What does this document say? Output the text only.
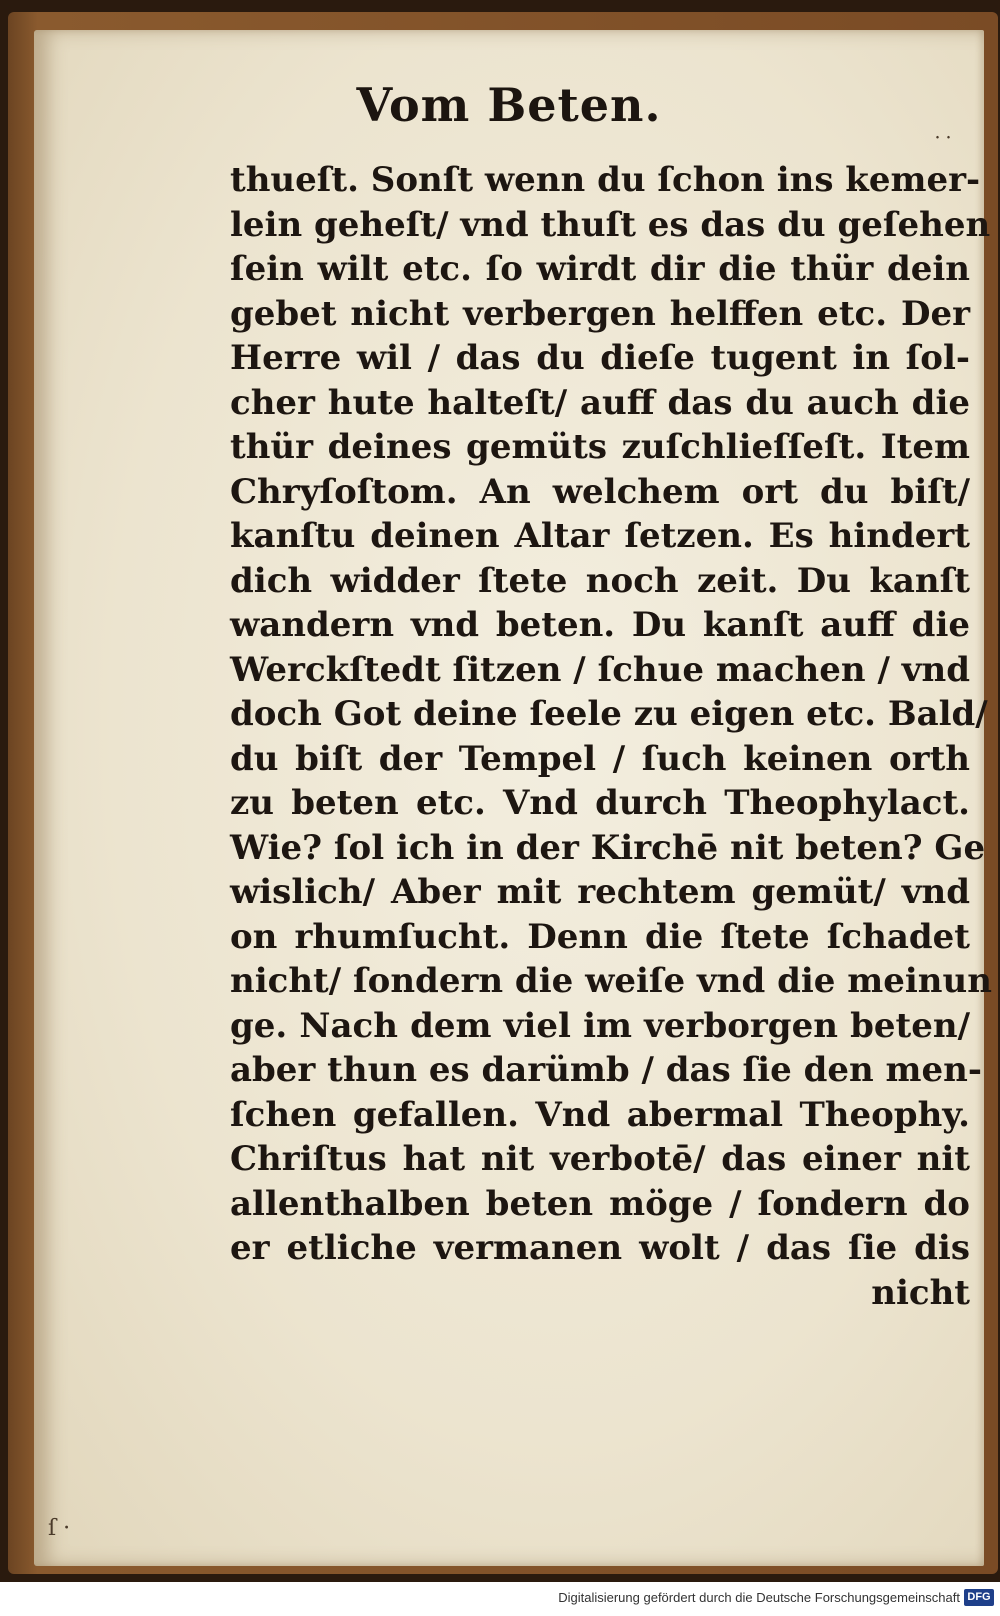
Vom Beten.
˙˙
ſ ·
thueſt. Sonſt wenn du ſchon ins kemer-
lein geheſt/ vnd thuſt es das du geſehen
ſein wilt etc. ſo wirdt dir die thür dein
gebet nicht verbergen helffen etc. Der
Herre wil / das du dieſe tugent in ſol-
cher hute halteſt/ auff das du auch die
thür deines gemüts zuſchlieſſeſt. Item
Chryſoſtom. An welchem ort du biſt/
kanſtu deinen Altar ſetzen. Es hindert
dich widder ſtete noch zeit. Du kanſt
wandern vnd beten. Du kanſt auff die
Werckſtedt ſitzen / ſchue machen / vnd
doch Got deine ſeele zu eigen etc. Bald/
du biſt der Tempel / ſuch keinen orth
zu beten etc. Vnd durch Theophylact.
Wie? ſol ich in der Kirchē nit beten? Ge
wislich/ Aber mit rechtem gemüt/ vnd
on rhumſucht. Denn die ſtete ſchadet
nicht/ ſondern die weiſe vnd die meinun
ge. Nach dem viel im verborgen beten/
aber thun es darümb / das ſie den men-
ſchen gefallen. Vnd abermal Theophy.
Chriſtus hat nit verbotē/ das einer nit
allenthalben beten möge / ſondern do
er etliche vermanen wolt / das ſie dis
nicht
Digitalisierung gefördert durch die Deutsche Forschungsgemeinschaft DFG
